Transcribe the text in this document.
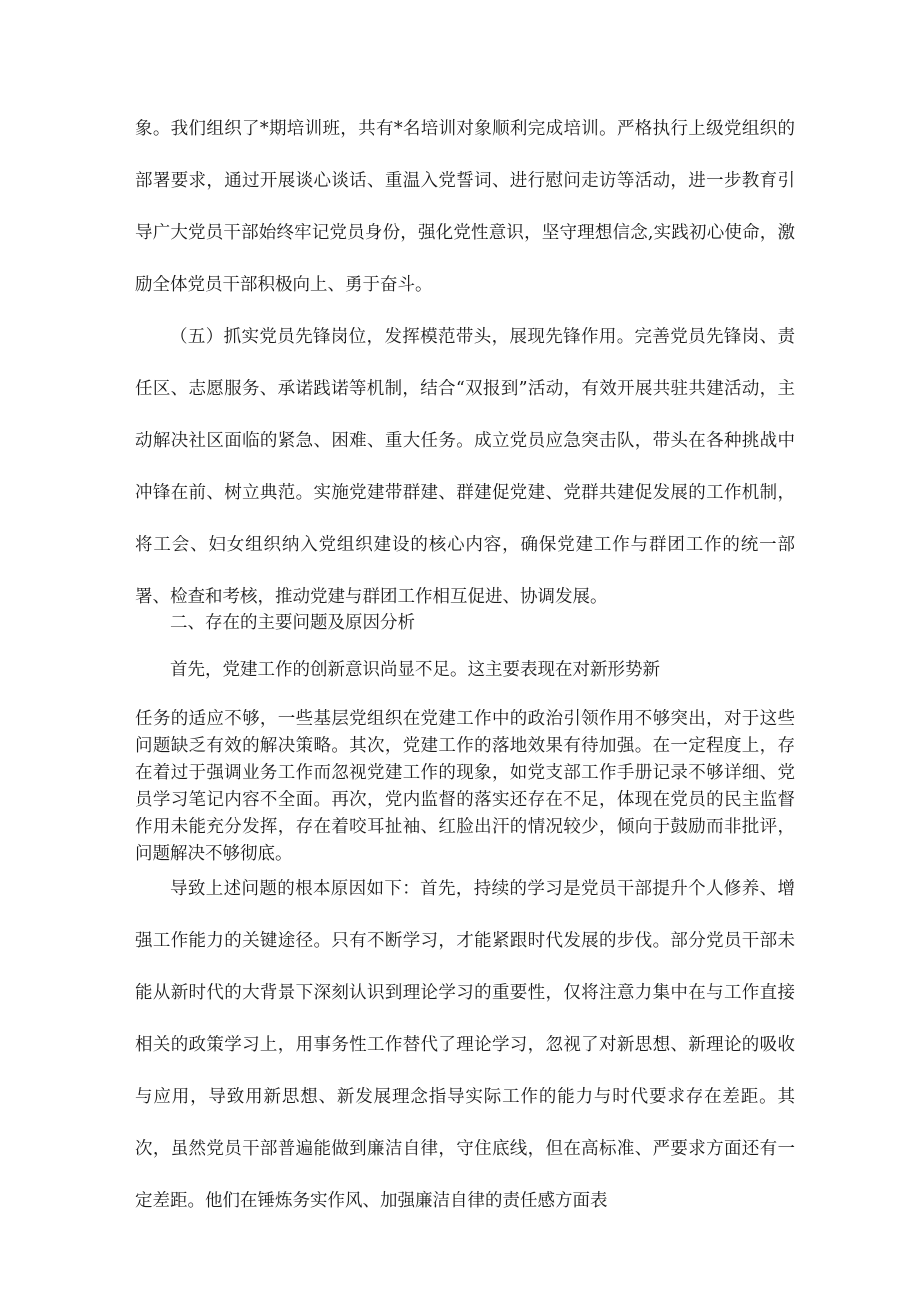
象。我们组织了*期培训班，共有*名培训对象顺利完成培训。严格执行上级党组织的部署要求，通过开展谈心谈话、重温入党誓词、进行慰问走访等活动，进一步教育引导广大党员干部始终牢记党员身份，强化党性意识，坚守理想信念,实践初心使命，激励全体党员干部积极向上、勇于奋斗。

（五）抓实党员先锋岗位，发挥模范带头，展现先锋作用。完善党员先锋岗、责任区、志愿服务、承诺践诺等机制，结合“双报到”活动，有效开展共驻共建活动，主动解决社区面临的紧急、困难、重大任务。成立党员应急突击队，带头在各种挑战中冲锋在前、树立典范。实施党建带群建、群建促党建、党群共建促发展的工作机制，将工会、妇女组织纳入党组织建设的核心内容，确保党建工作与群团工作的统一部署、检查和考核，推动党建与群团工作相互促进、协调发展。

二、存在的主要问题及原因分析

首先，党建工作的创新意识尚显不足。这主要表现在对新形势新

任务的适应不够，一些基层党组织在党建工作中的政治引领作用不够突出，对于这些问题缺乏有效的解决策略。其次，党建工作的落地效果有待加强。在一定程度上，存在着过于强调业务工作而忽视党建工作的现象，如党支部工作手册记录不够详细、党员学习笔记内容不全面。再次，党内监督的落实还存在不足，体现在党员的民主监督作用未能充分发挥，存在着咬耳扯袖、红脸出汗的情况较少，倾向于鼓励而非批评，问题解决不够彻底。

导致上述问题的根本原因如下：首先，持续的学习是党员干部提升个人修养、增强工作能力的关键途径。只有不断学习，才能紧跟时代发展的步伐。部分党员干部未能从新时代的大背景下深刻认识到理论学习的重要性，仅将注意力集中在与工作直接相关的政策学习上，用事务性工作替代了理论学习，忽视了对新思想、新理论的吸收与应用，导致用新思想、新发展理念指导实际工作的能力与时代要求存在差距。其次，虽然党员干部普遍能做到廉洁自律，守住底线，但在高标准、严要求方面还有一定差距。他们在锤炼务实作风、加强廉洁自律的责任感方面表
